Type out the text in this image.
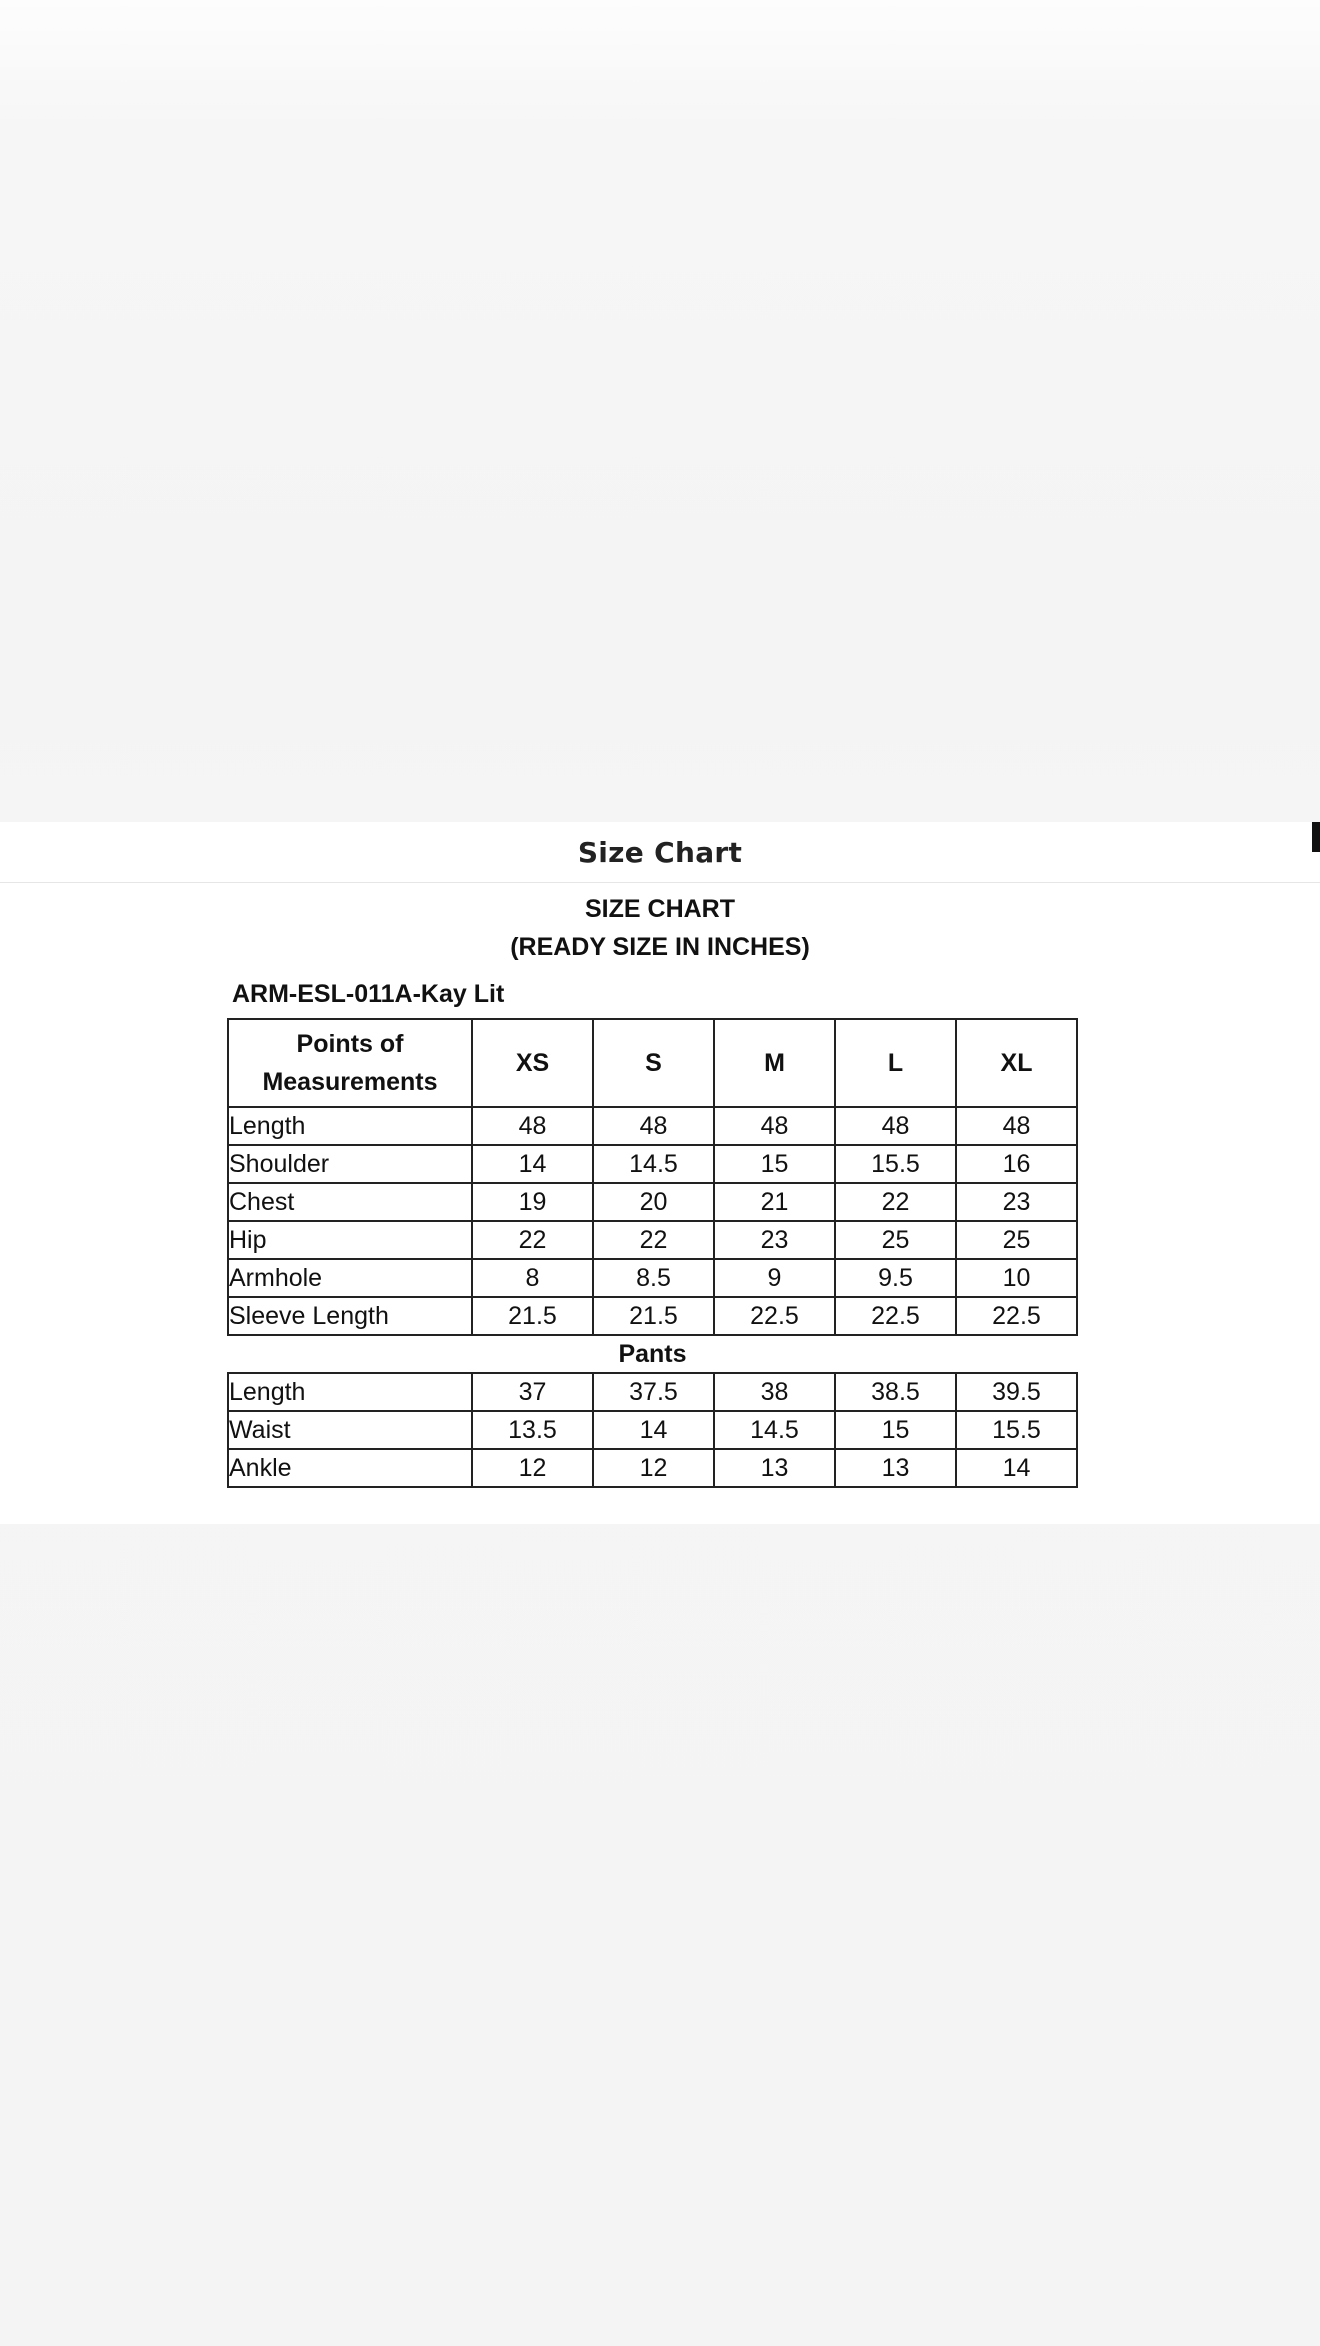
Size Chart
SIZE CHART
(READY SIZE IN INCHES)
ARM-ESL-011A-Kay Lit
Points of
Measurements	XS	S	M	L	XL
Length	48	48	48	48	48
Shoulder	14	14.5	15	15.5	16
Chest	19	20	21	22	23
Hip	22	22	23	25	25
Armhole	8	8.5	9	9.5	10
Sleeve Length	21.5	21.5	22.5	22.5	22.5
Pants					
Length	37	37.5	38	38.5	39.5
Waist	13.5	14	14.5	15	15.5
Ankle	12	12	13	13	14
